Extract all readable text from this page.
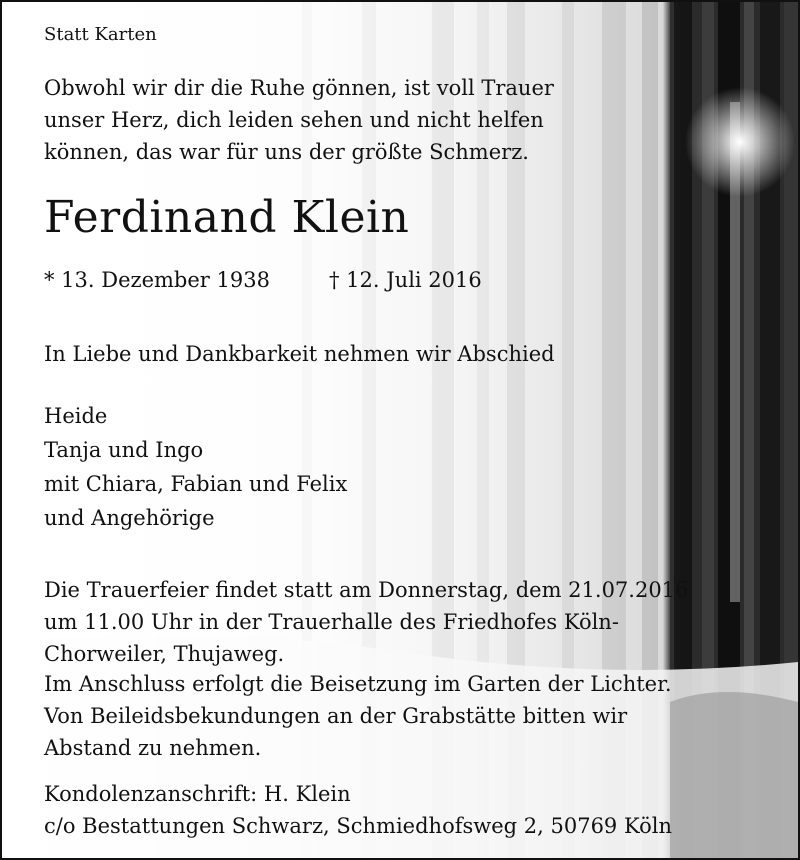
Statt Karten
Obwohl wir dir die Ruhe gönnen, ist voll Trauer
unser Herz, dich leiden sehen und nicht helfen
können, das war für uns der größte Schmerz.
Ferdinand Klein
* 13. Dezember 1938	† 12. Juli 2016
In Liebe und Dankbarkeit nehmen wir Abschied
Heide
Tanja und Ingo
mit Chiara, Fabian und Felix
und Angehörige
Die Trauerfeier findet statt am Donnerstag, dem 21.07.2016
um 11.00 Uhr in der Trauerhalle des Friedhofes Köln-
Chorweiler, Thujaweg.
Im Anschluss erfolgt die Beisetzung im Garten der Lichter.
Von Beileidsbekundungen an der Grabstätte bitten wir
Abstand zu nehmen.
Kondolenzanschrift: H. Klein
c/o Bestattungen Schwarz, Schmiedhofsweg 2, 50769 Köln
